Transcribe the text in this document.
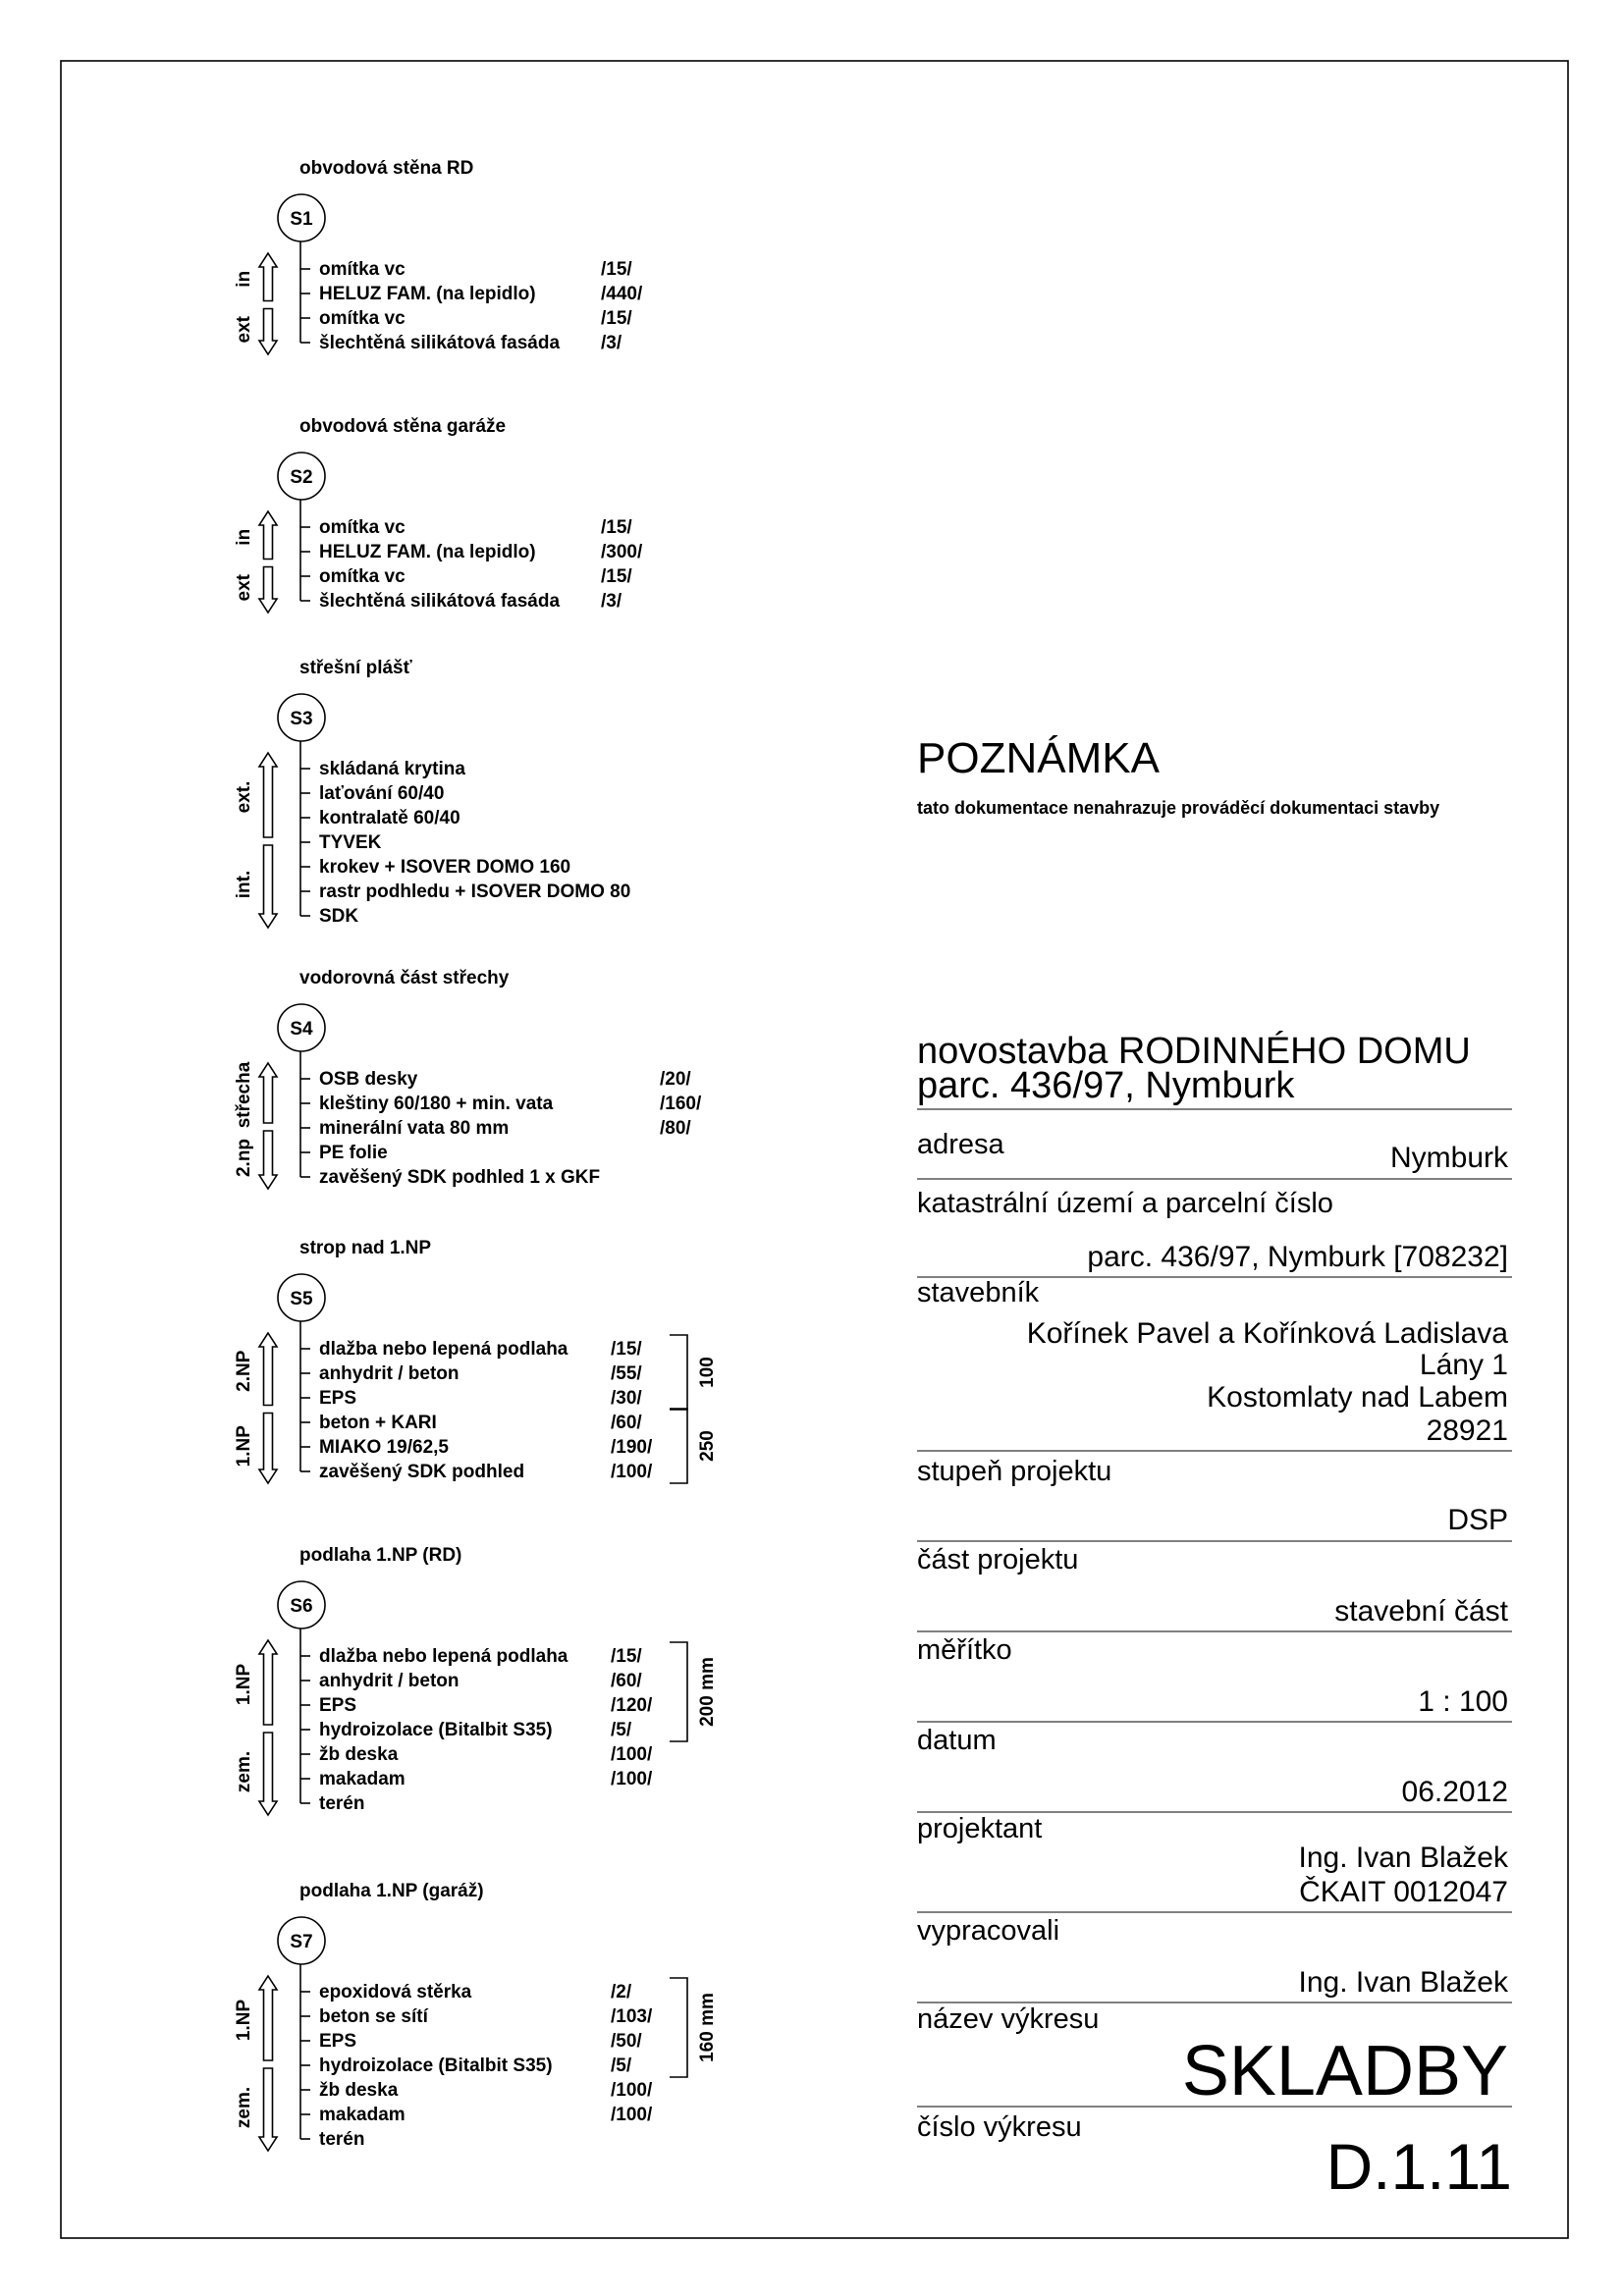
obvodová stěna RD
S1
omítka vc	/15/
HELUZ FAM. (na lepidlo)	/440/
omítka vc	/15/
šlechtěná silikátová fasáda /3/
in
ext
obvodová stěna garáže
S2
omítka vc	/15/
HELUZ FAM. (na lepidlo)	/300/
omítka vc	/15/
šlechtěná silikátová fasáda /3/
in
ext
střešní plášť
S3
skládaná krytina
laťování 60/40
kontralatě 60/40
TYVEK
krokev + ISOVER DOMO 160
rastr podhledu + ISOVER DOMO 80
SDK
ext.
int.
vodorovná část střechy
S4
OSB desky	/20/
kleštiny 60/180 + min. vata	/160/
minerální vata 80 mm	/80/
PE folie
zavěšený SDK podhled 1 x GKF
střecha
2.np
strop nad 1.NP
S5
dlažba nebo lepená podlaha /15/
anhydrit / beton	/55/
EPS	/30/
beton + KARI	/60/
MIAKO 19/62,5	/190/
zavěšený SDK podhled	/100/
2.NP
1.NP
100
250
podlaha 1.NP (RD)
S6
dlažba nebo lepená podlaha /15/
anhydrit / beton	/60/
EPS	/120/
hydroizolace (Bitalbit S35)	/5/
žb deska	/100/
makadam	/100/
terén
1.NP
zem.
200 mm
podlaha 1.NP (garáž)
S7
epoxidová stěrka	/2/
beton se sítí	/103/
EPS	/50/
hydroizolace (Bitalbit S35)	/5/
žb deska	/100/
makadam	/100/
terén
1.NP
zem.
160 mm
POZNÁMKA
tato dokumentace nenahrazuje prováděcí dokumentaci stavby
novostavba RODINNÉHO DOMU
parc. 436/97, Nymburk
adresa	Nymburk
katastrální území a parcelní číslo
parc. 436/97, Nymburk [708232]
stavebník
Kořínek Pavel a Kořínková Ladislava
Lány 1
Kostomlaty nad Labem
28921
stupeň projektu
DSP
část projektu
stavební část
měřítko
1 : 100
datum
06.2012
projektant
Ing. Ivan Blažek
ČKAIT 0012047
vypracovali
Ing. Ivan Blažek
název výkresu
SKLADBY
číslo výkresu
D.1.11
